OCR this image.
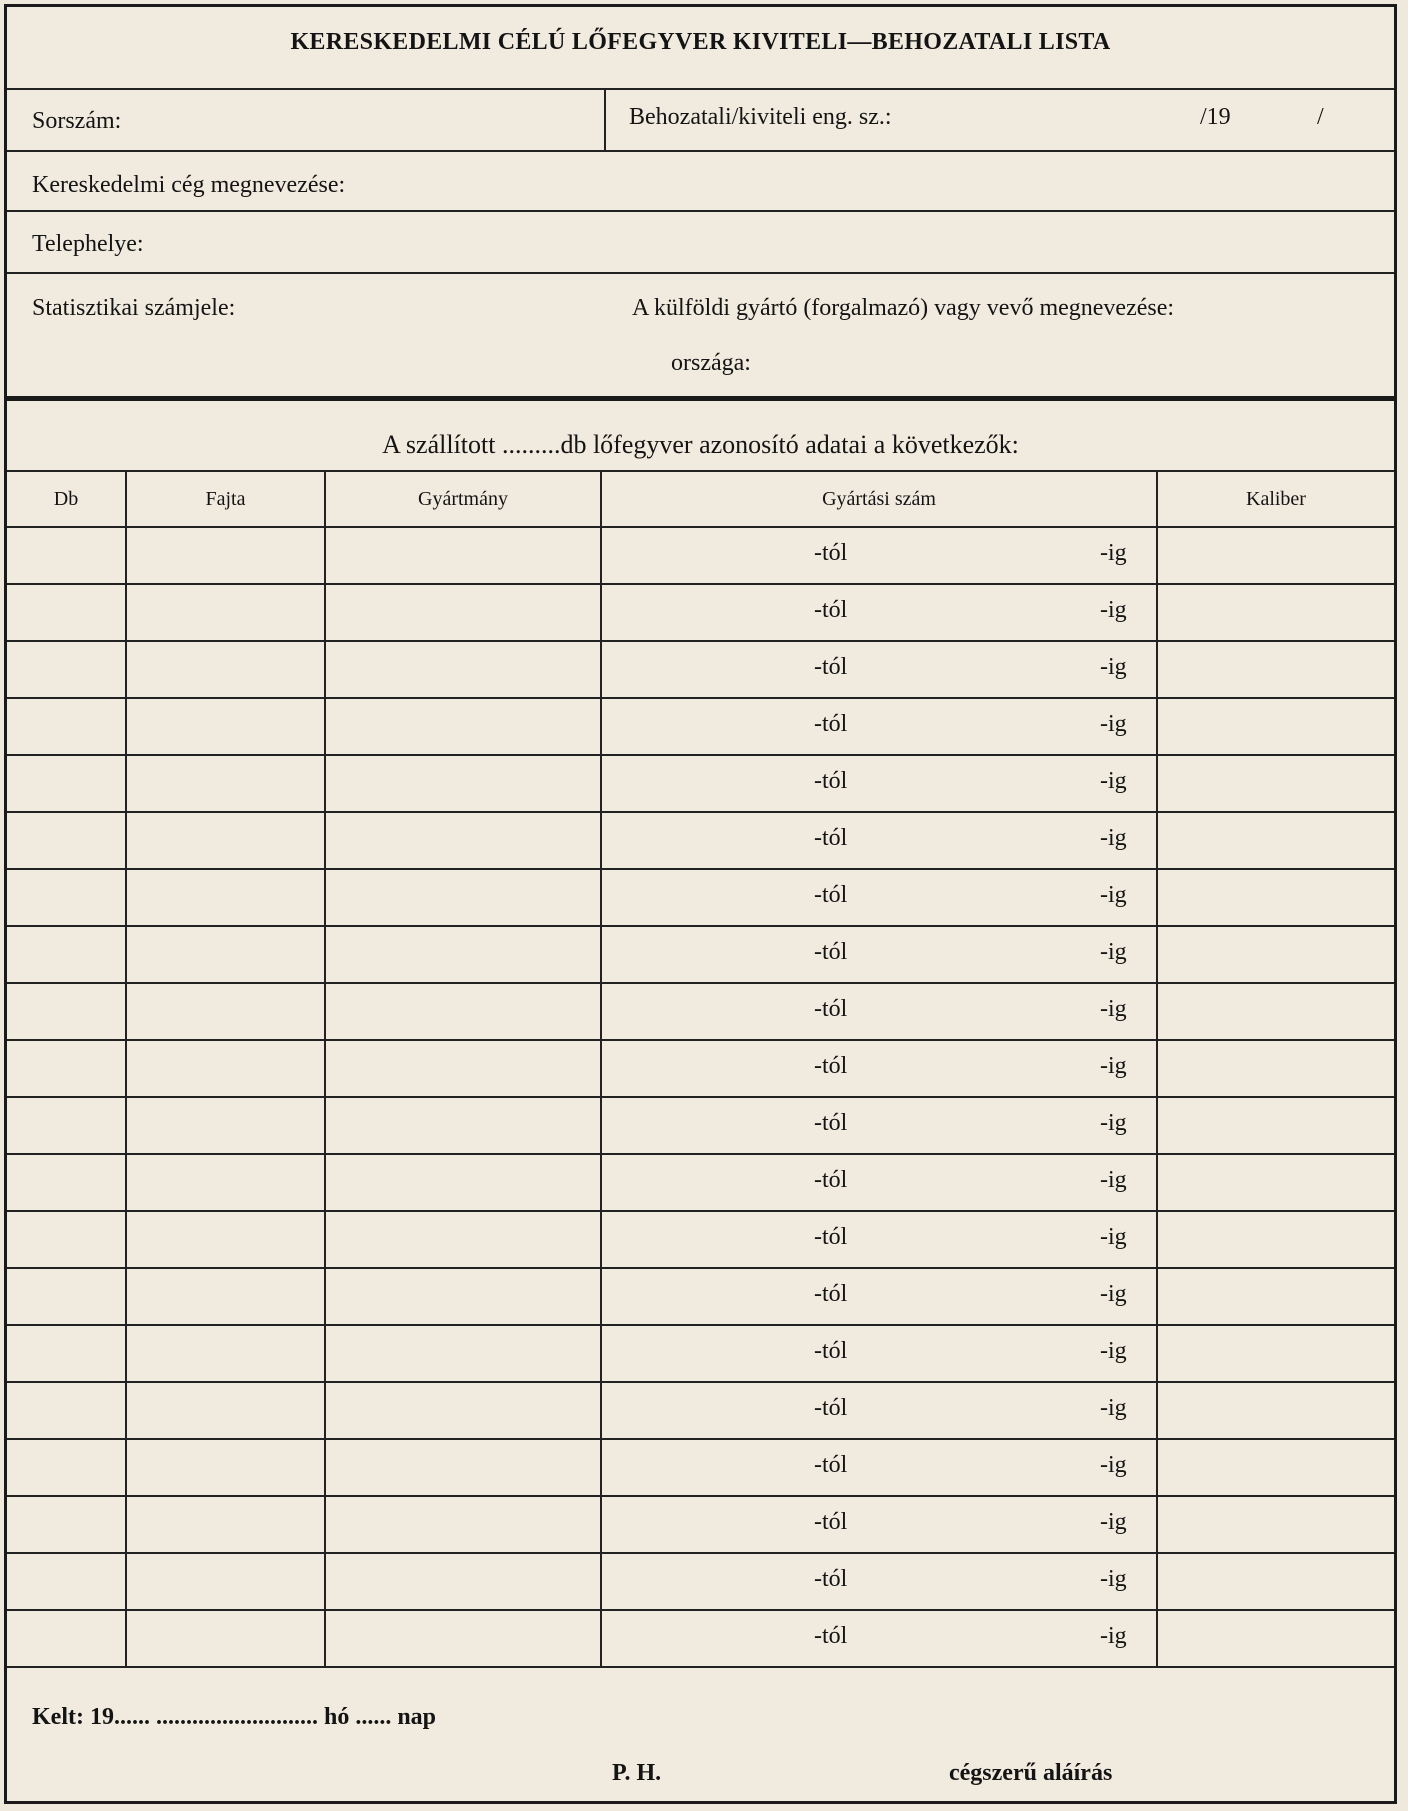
KERESKEDELMI CÉLÚ LŐFEGYVER KIVITELI—BEHOZATALI LISTA
Sorszám:	Behozatali/kiviteli eng. sz.:	/19	/
Kereskedelmi cég megnevezése:
Telephelye:
Statisztikai számjele:	A külföldi gyártó (forgalmazó) vagy vevő megnevezése:
országa:
A szállított .........db lőfegyver azonosító adatai a következők:
Db	Fajta	Gyártmány	Gyártási szám	Kaliber

			-tól -ig	

			-tól -ig	

			-tól -ig	

			-tól -ig	

			-tól -ig	

			-tól -ig	

			-tól -ig	

			-tól -ig	

			-tól -ig	

			-tól -ig	

			-tól -ig	

			-tól -ig	

			-tól -ig	

			-tól -ig	

			-tól -ig	

			-tól -ig	

			-tól -ig	

			-tól -ig	

			-tól -ig	

			-tól -ig	

Kelt: 19...... ........................... hó ...... nap
P. H.	cégszerű aláírás
